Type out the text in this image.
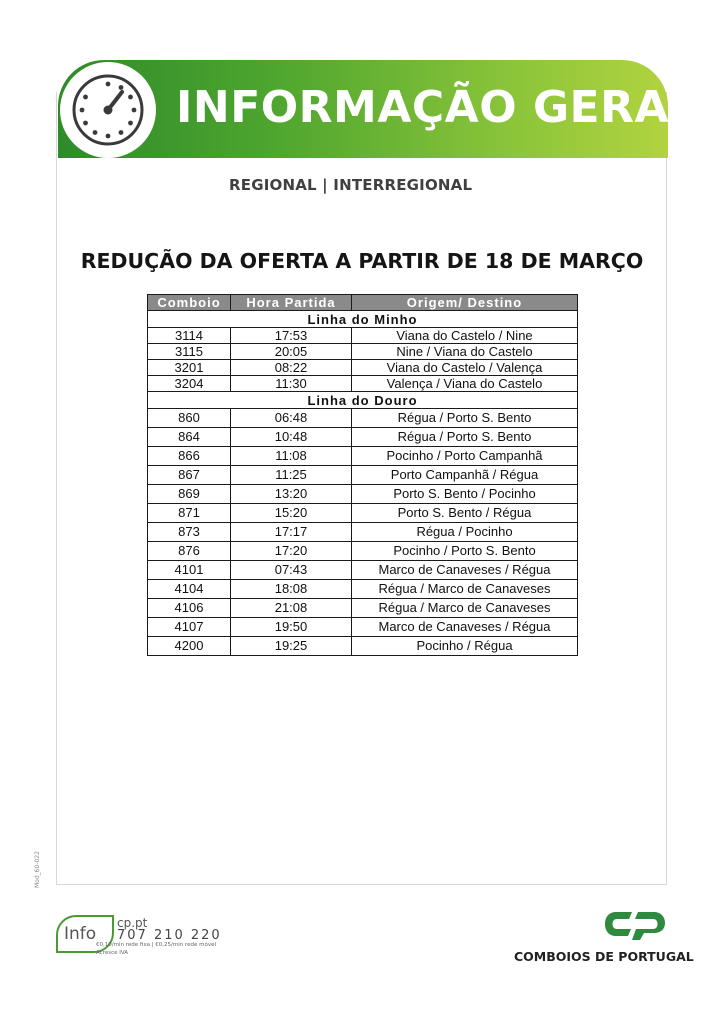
INFORMAÇÃO GERAL
REGIONAL | INTERREGIONAL
REDUÇÃO DA OFERTA A PARTIR DE 18 DE MARÇO
Comboio	Hora Partida	Origem/ Destino
Linha do Minho		
3114	17:53	Viana do Castelo / Nine
3115	20:05	Nine / Viana do Castelo
3201	08:22	Viana do Castelo / Valença
3204	11:30	Valença / Viana do Castelo
Linha do Douro		
860	06:48	Régua / Porto S. Bento
864	10:48	Régua / Porto S. Bento
866	11:08	Pocinho / Porto Campanhã
867	11:25	Porto Campanhã / Régua
869	13:20	Porto S. Bento / Pocinho
871	15:20	Porto S. Bento / Régua
873	17:17	Régua / Pocinho
876	17:20	Pocinho / Porto S. Bento
4101	07:43	Marco de Canaveses / Régua
4104	18:08	Régua / Marco de Canaveses
4106	21:08	Régua / Marco de Canaveses
4107	19:50	Marco de Canaveses / Régua
4200	19:25	Pocinho / Régua
Mod_60-022
Info
cp.pt
707 210 220
€0,10/min rede fixa | €0,25/min rede móvel
Acresce IVA	COMBOIOS DE PORTUGAL
